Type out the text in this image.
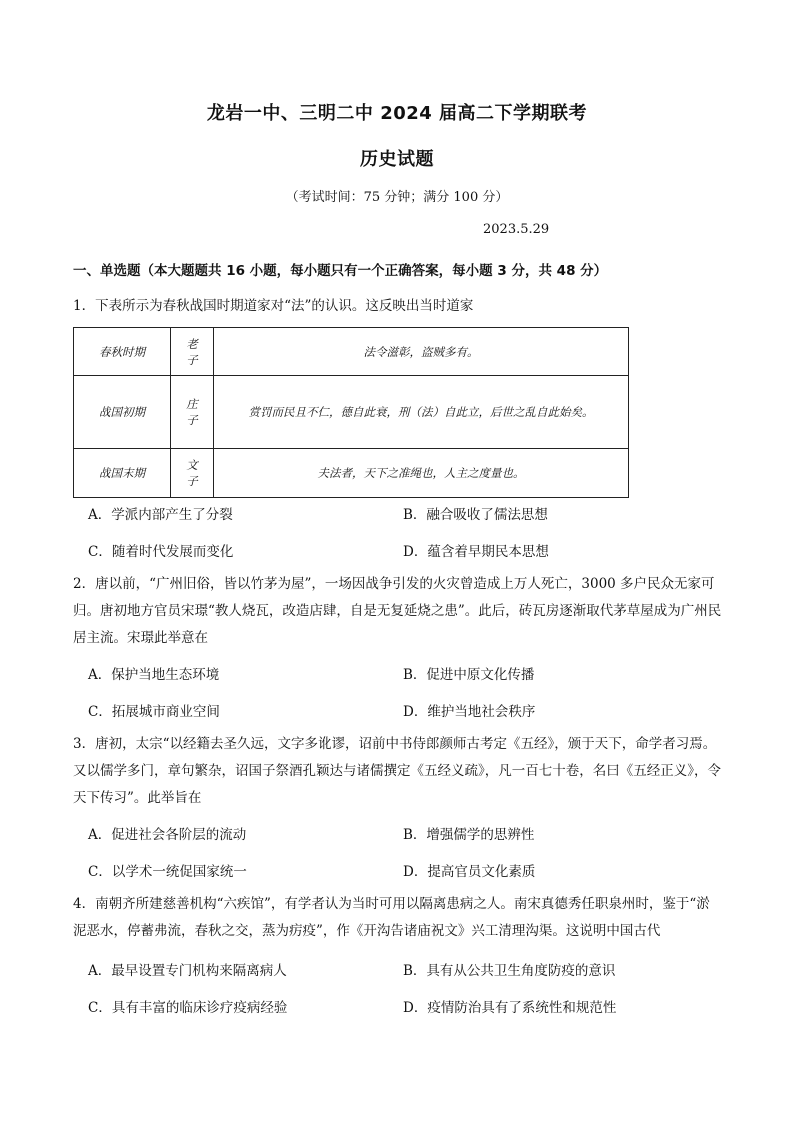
龙岩一中、三明二中 2024 届高二下学期联考
历史试题
（考试时间：75 分钟；满分 100 分）
2023.5.29
一、单选题（本大题题共 16 小题，每小题只有一个正确答案，每小题 3 分，共 48 分）
1．下表所示为春秋战国时期道家对“法”的认识。这反映出当时道家
春秋时期	老子	法令滋彰，盗贼多有。
战国初期	庄子	赏罚而民且不仁，德自此衰，刑（法）自此立，后世之乱自此始矣。
战国末期	文子	夫法者，天下之准绳也，人主之度量也。
A．学派内部产生了分裂	B．融合吸收了儒法思想
C．随着时代发展而变化	D．蕴含着早期民本思想
2．唐以前，“广州旧俗，皆以竹茅为屋”，一场因战争引发的火灾曾造成上万人死亡，3000 多户民众无家可归。唐初地方官员宋璟“教人烧瓦，改造店肆，自是无复延烧之患”。此后，砖瓦房逐渐取代茅草屋成为广州民居主流。宋璟此举意在
A．保护当地生态环境	B．促进中原文化传播
C．拓展城市商业空间	D．维护当地社会秩序
3．唐初，太宗“以经籍去圣久远，文字多讹谬，诏前中书侍郎颜师古考定《五经》，颁于天下，命学者习焉。又以儒学多门，章句繁杂，诏国子祭酒孔颖达与诸儒撰定《五经义疏》，凡一百七十卷，名曰《五经正义》，令天下传习”。此举旨在
A．促进社会各阶层的流动	B．增强儒学的思辨性
C．以学术一统促国家统一	D．提高官员文化素质
4．南朝齐所建慈善机构“六疾馆”，有学者认为当时可用以隔离患病之人。南宋真德秀任职泉州时，鉴于“淤泥恶水，停蓄弗流，春秋之交，蒸为疠疫”，作《开沟告诸庙祝文》兴工清理沟渠。这说明中国古代
A．最早设置专门机构来隔离病人	B．具有从公共卫生角度防疫的意识
C．具有丰富的临床诊疗疫病经验	D．疫情防治具有了系统性和规范性
